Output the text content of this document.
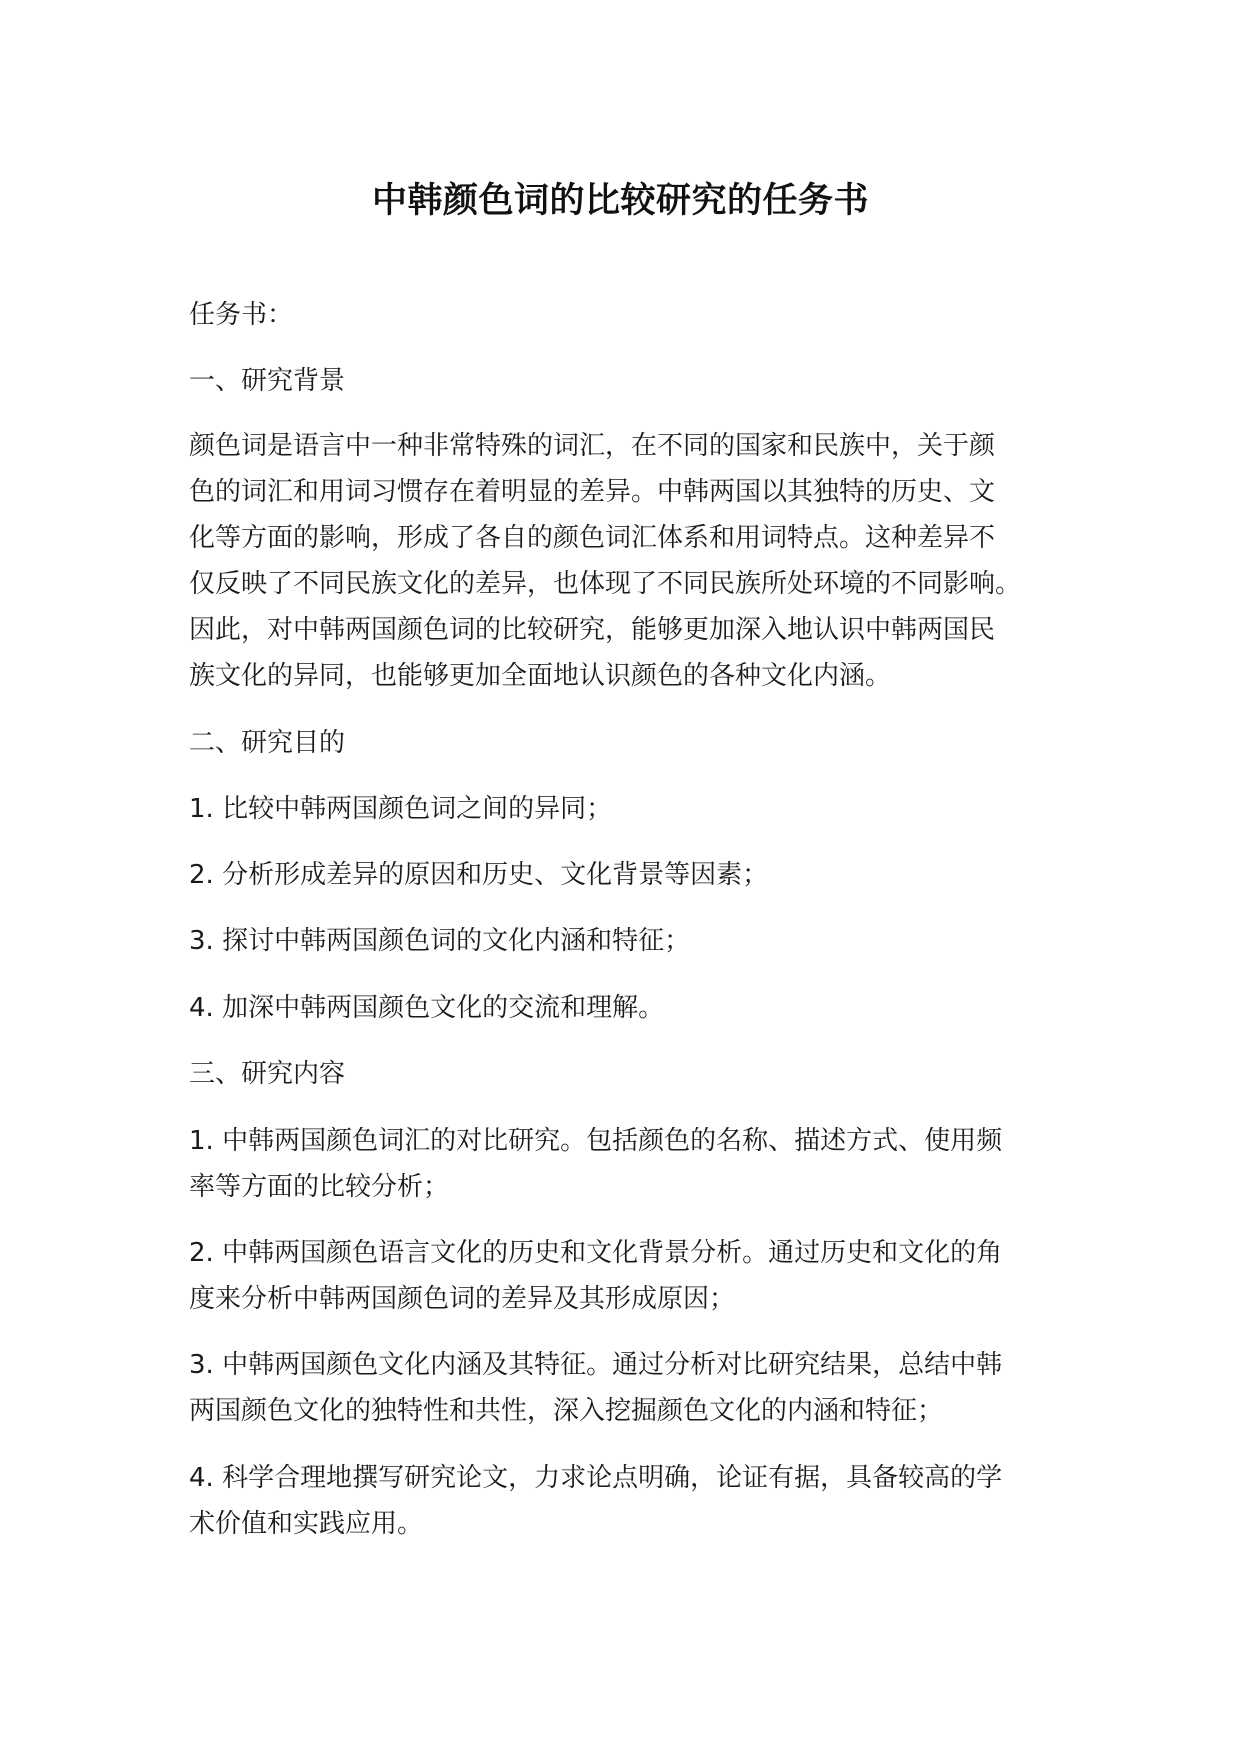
中韩颜色词的比较研究的任务书
任务书：
一、研究背景
颜色词是语言中一种非常特殊的词汇，在不同的国家和民族中，关于颜
色的词汇和用词习惯存在着明显的差异。中韩两国以其独特的历史、文
化等方面的影响，形成了各自的颜色词汇体系和用词特点。这种差异不
仅反映了不同民族文化的差异，也体现了不同民族所处环境的不同影响。
因此，对中韩两国颜色词的比较研究，能够更加深入地认识中韩两国民
族文化的异同，也能够更加全面地认识颜色的各种文化内涵。
二、研究目的
1. 比较中韩两国颜色词之间的异同；
2. 分析形成差异的原因和历史、文化背景等因素；
3. 探讨中韩两国颜色词的文化内涵和特征；
4. 加深中韩两国颜色文化的交流和理解。
三、研究内容
1. 中韩两国颜色词汇的对比研究。包括颜色的名称、描述方式、使用频
率等方面的比较分析；
2. 中韩两国颜色语言文化的历史和文化背景分析。通过历史和文化的角
度来分析中韩两国颜色词的差异及其形成原因；
3. 中韩两国颜色文化内涵及其特征。通过分析对比研究结果，总结中韩
两国颜色文化的独特性和共性，深入挖掘颜色文化的内涵和特征；
4. 科学合理地撰写研究论文，力求论点明确，论证有据，具备较高的学
术价值和实践应用。
